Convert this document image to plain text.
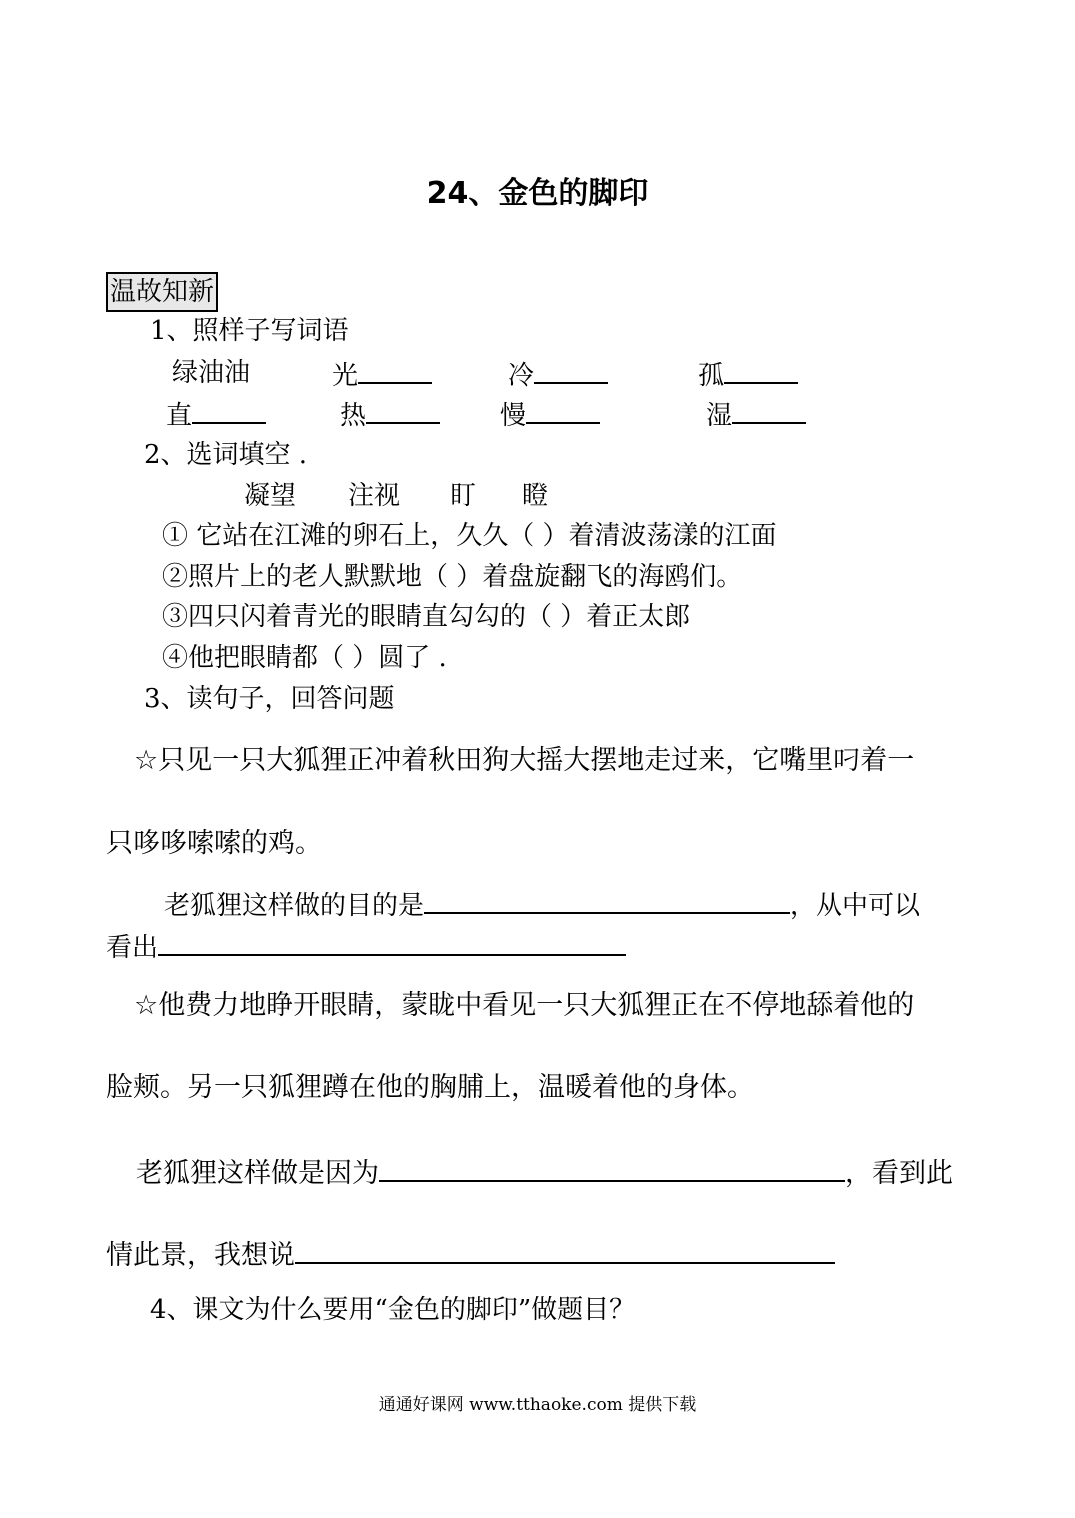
24、金色的脚印
温故知新
1、照样子写词语
绿油油	光	冷	孤
直	热	慢	湿
2、选词填空 .
凝望 注视 盯 瞪
① 它站在江滩的卵石上，久久（ ）着清波荡漾的江面
②照片上的老人默默地（ ）着盘旋翻飞的海鸥们。
③四只闪着青光的眼睛直勾勾的（ ）着正太郎
④他把眼睛都（ ）圆了 .
3、读句子，回答问题
☆只见一只大狐狸正冲着秋田狗大摇大摆地走过来，它嘴里叼着一
只哆哆嗦嗦的鸡。
老狐狸这样做的目的是	，从中可以
看出
☆他费力地睁开眼睛，蒙眬中看见一只大狐狸正在不停地舔着他的
脸颊。另一只狐狸蹲在他的胸脯上，温暖着他的身体。
老狐狸这样做是因为	，看到此
情此景，我想说
4、课文为什么要用“金色的脚印”做题目？
通通好课网 www.tthaoke.com 提供下载
